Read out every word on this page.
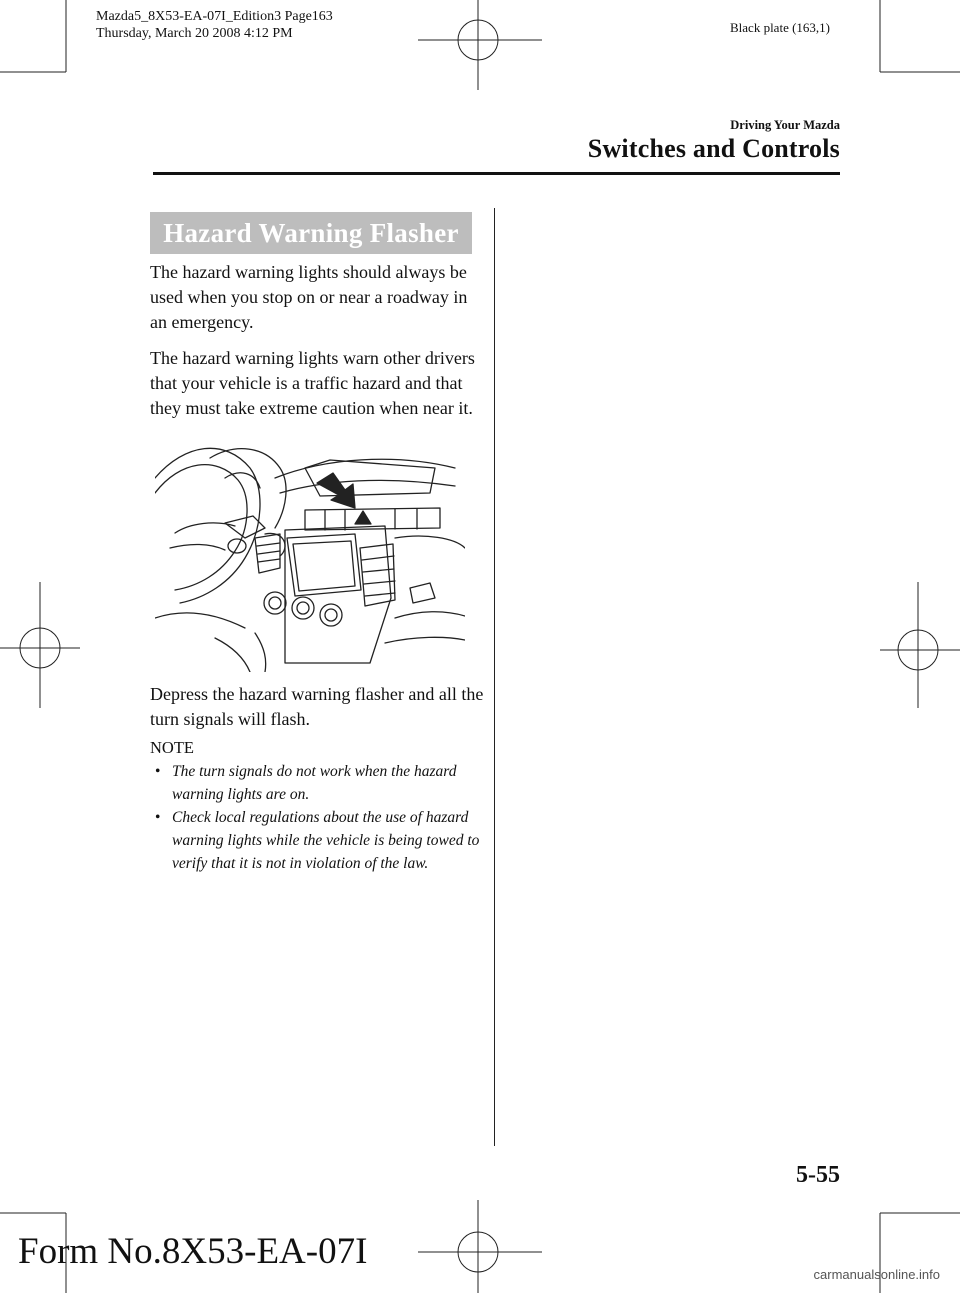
Mazda5_8X53-EA-07I_Edition3 Page163
Thursday, March 20 2008 4:12 PM	Black plate (163,1)
Driving Your Mazda
Switches and Controls
Hazard Warning Flasher
The hazard warning lights should always be used when you stop on or near a roadway in an emergency.
The hazard warning lights warn other drivers that your vehicle is a traffic hazard and that they must take extreme caution when near it.
Depress the hazard warning flasher and all the turn signals will flash.
NOTE
• The turn signals do not work when the hazard warning lights are on.
• Check local regulations about the use of hazard warning lights while the vehicle is being towed to verify that it is not in violation of the law.
5-55
Form No.8X53-EA-07I
carmanualsonline.info
